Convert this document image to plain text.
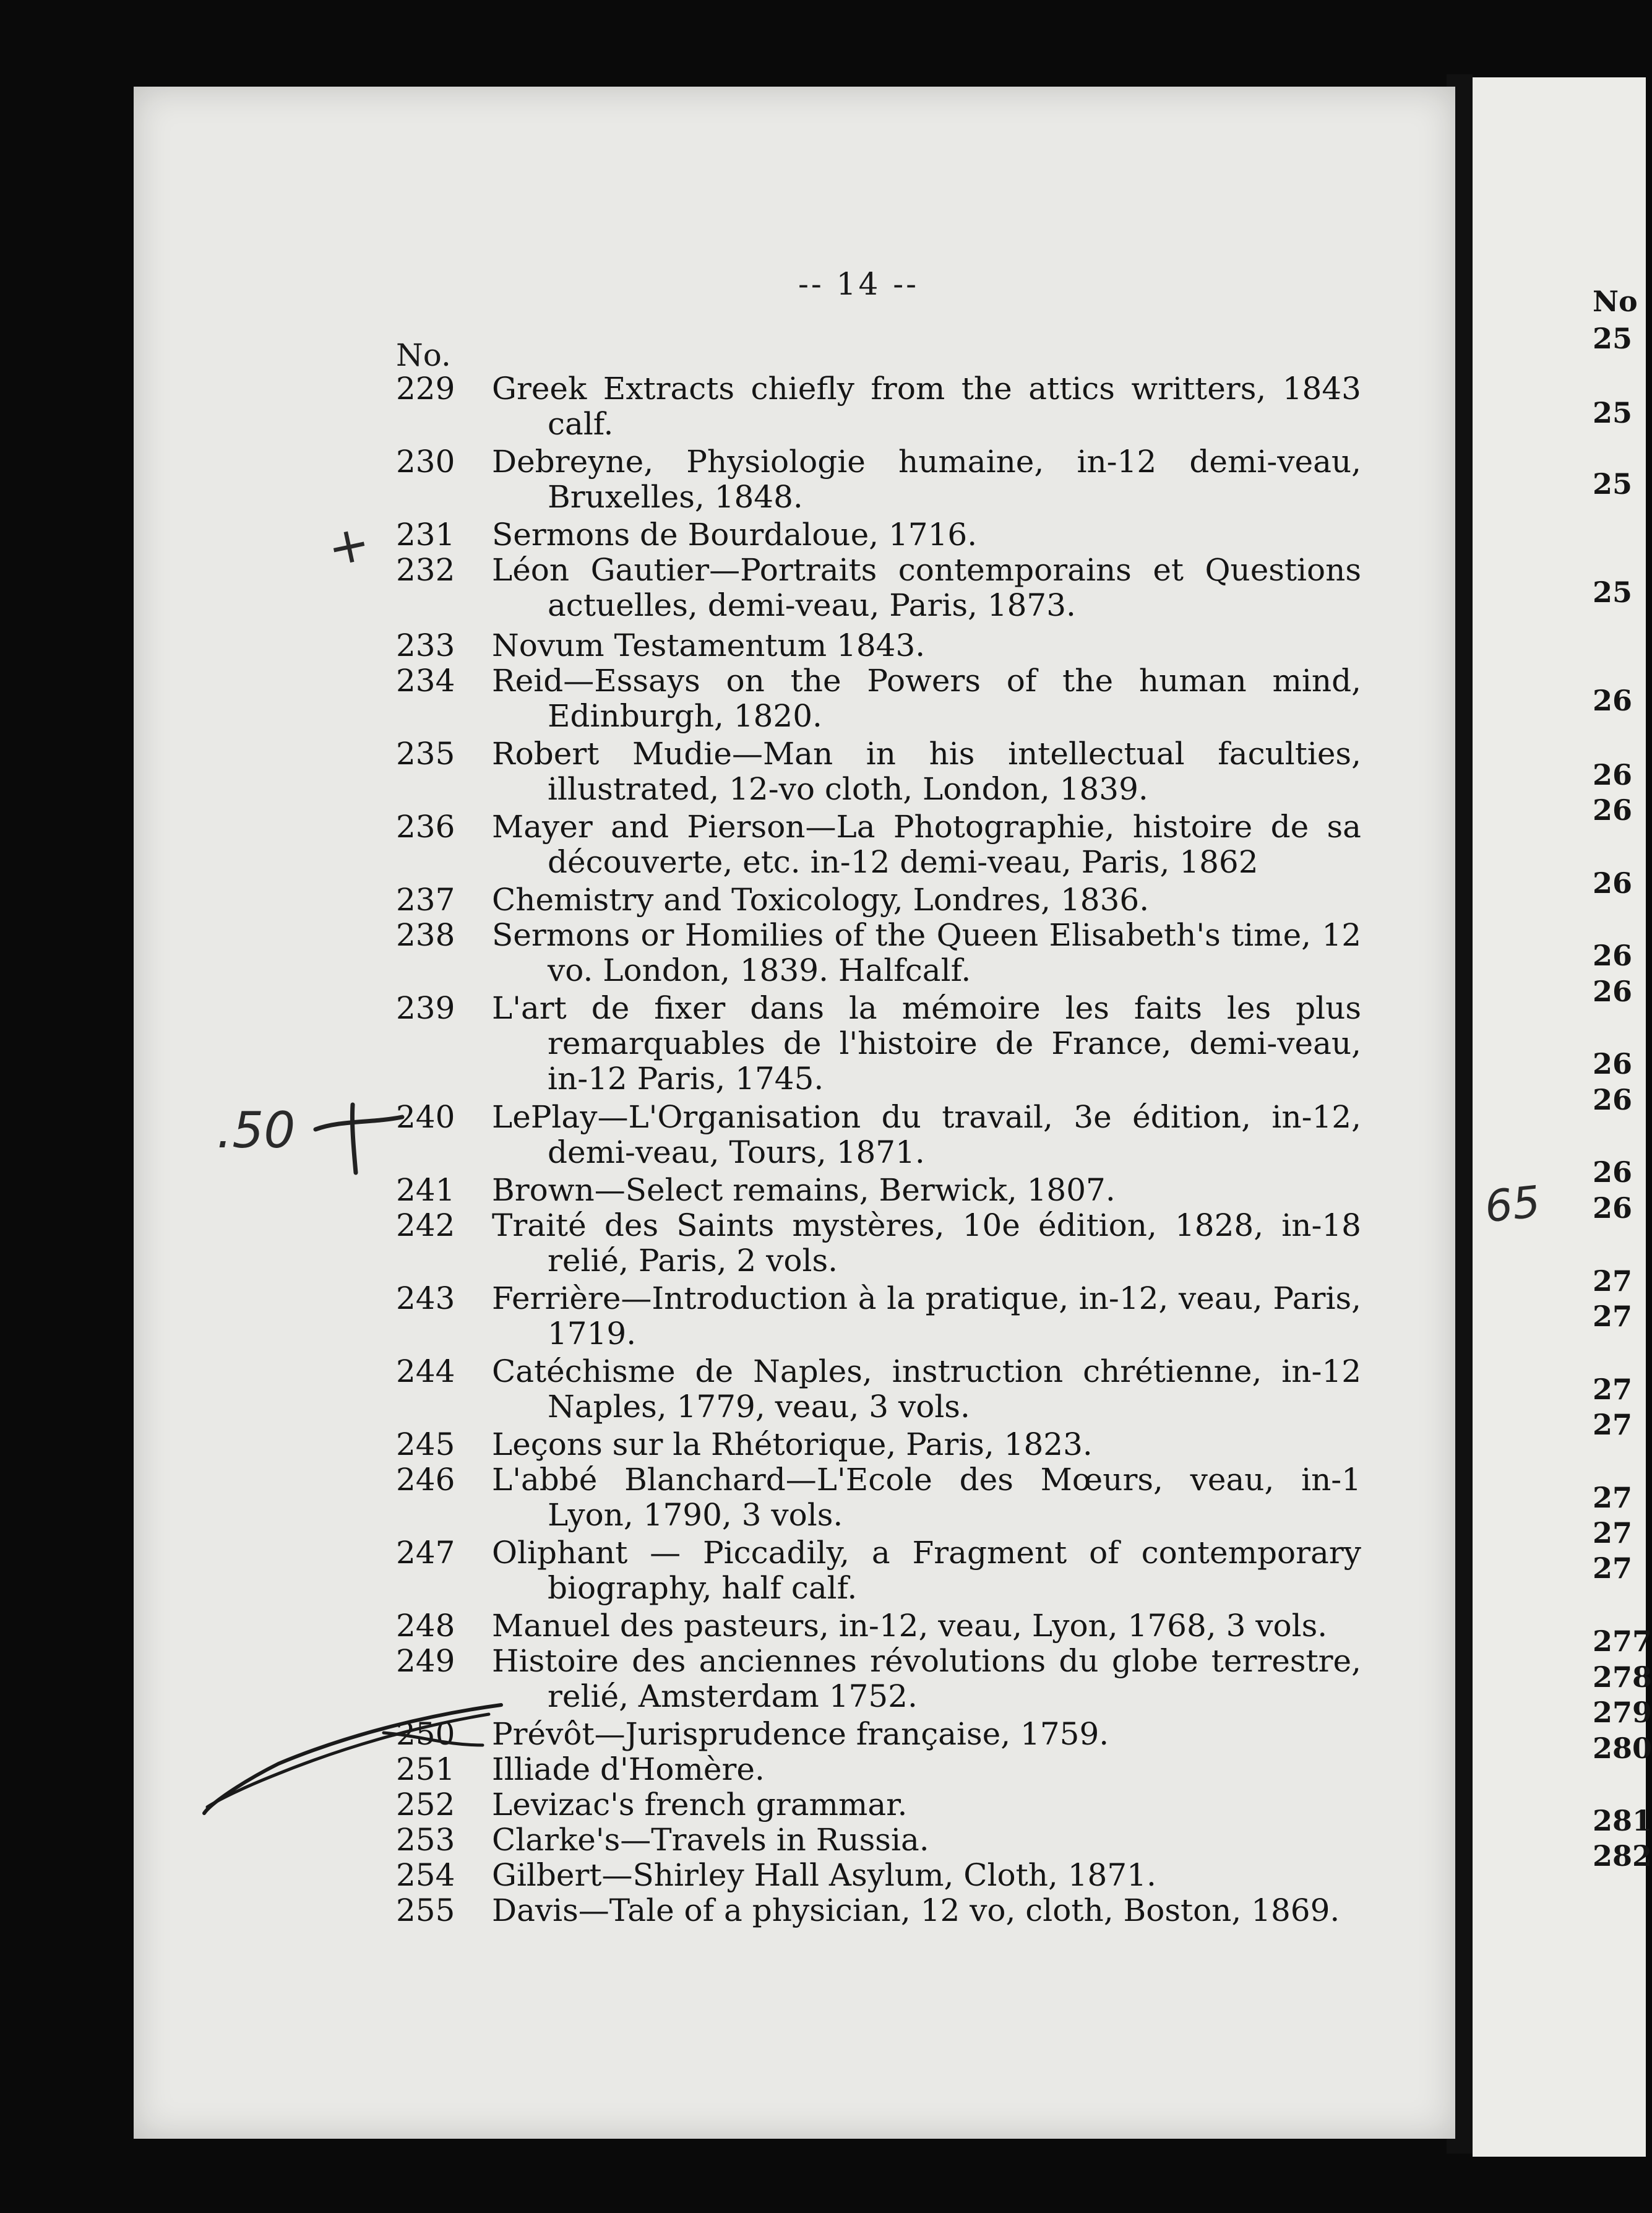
-- 14 --
No.
229 Greek Extracts chiefly from the attics writters, 1843 calf.
230 Debreyne, Physiologie humaine, in-12 demi-veau, Bruxelles, 1848.
231 Sermons de Bourdaloue, 1716.
232 Léon Gautier—Portraits contemporains et Questions actuelles, demi-veau, Paris, 1873.
233 Novum Testamentum 1843.
234 Reid—Essays on the Powers of the human mind, Edinburgh, 1820.
235 Robert Mudie—Man in his intellectual faculties, illustrated, 12-vo cloth, London, 1839.
236 Mayer and Pierson—La Photographie, histoire de sa découverte, etc. in-12 demi-veau, Paris, 1862
237 Chemistry and Toxicology, Londres, 1836.
238 Sermons or Homilies of the Queen Elisabeth's time, 12 vo. London, 1839. Halfcalf.
239 L'art de fixer dans la mémoire les faits les plus remarquables de l'histoire de France, demi-veau, in-12 Paris, 1745.
240 LePlay—L'Organisation du travail, 3e édition, in-12, demi-veau, Tours, 1871.
241 Brown—Select remains, Berwick, 1807.
242 Traité des Saints mystères, 10e édition, 1828, in-18 relié, Paris, 2 vols.
243 Ferrière—Introduction à la pratique, in-12, veau, Paris, 1719.
244 Catéchisme de Naples, instruction chrétienne, in-12 Naples, 1779, veau, 3 vols.
245 Leçons sur la Rhétorique, Paris, 1823.
246 L'abbé Blanchard—L'Ecole des Mœurs, veau, in-1 Lyon, 1790, 3 vols.
247 Oliphant — Piccadily, a Fragment of contemporary biography, half calf.
248 Manuel des pasteurs, in-12, veau, Lyon, 1768, 3 vols.
249 Histoire des anciennes révolutions du globe terrestre, relié, Amsterdam 1752.
250 Prévôt—Jurisprudence française, 1759.
251 Illiade d'Homère.
252 Levizac's french grammar.
253 Clarke's—Travels in Russia.
254 Gilbert—Shirley Hall Asylum, Cloth, 1871.
255 Davis—Tale of a physician, 12 vo, cloth, Boston, 1869.
+
.50
65
No
25
25
25
25
26
26
26
26
26
26
26
26
26
26
27
27
27
27
27
27
27
277
278
279
280
281
282
